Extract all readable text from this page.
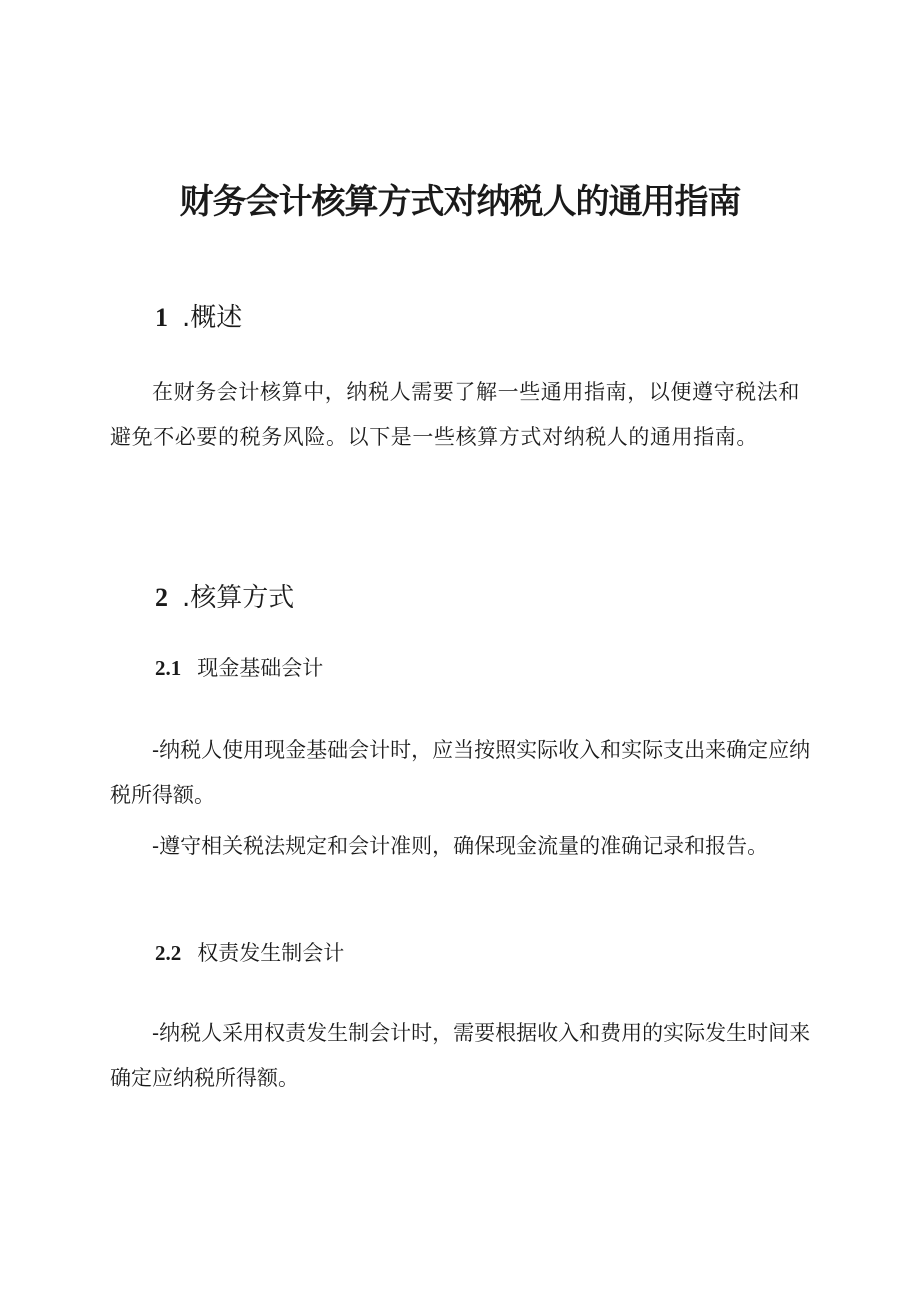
财务会计核算方式对纳税人的通用指南
1 .概述

在财务会计核算中，纳税人需要了解一些通用指南，以便遵守税法和避免不必要的税务风险。以下是一些核算方式对纳税人的通用指南。

2 .核算方式
2.1 现金基础会计

-纳税人使用现金基础会计时，应当按照实际收入和实际支出来确定应纳税所得额。

-遵守相关税法规定和会计准则，确保现金流量的准确记录和报告。

2.2 权责发生制会计

-纳税人采用权责发生制会计时，需要根据收入和费用的实际发生时间来确定应纳税所得额。
